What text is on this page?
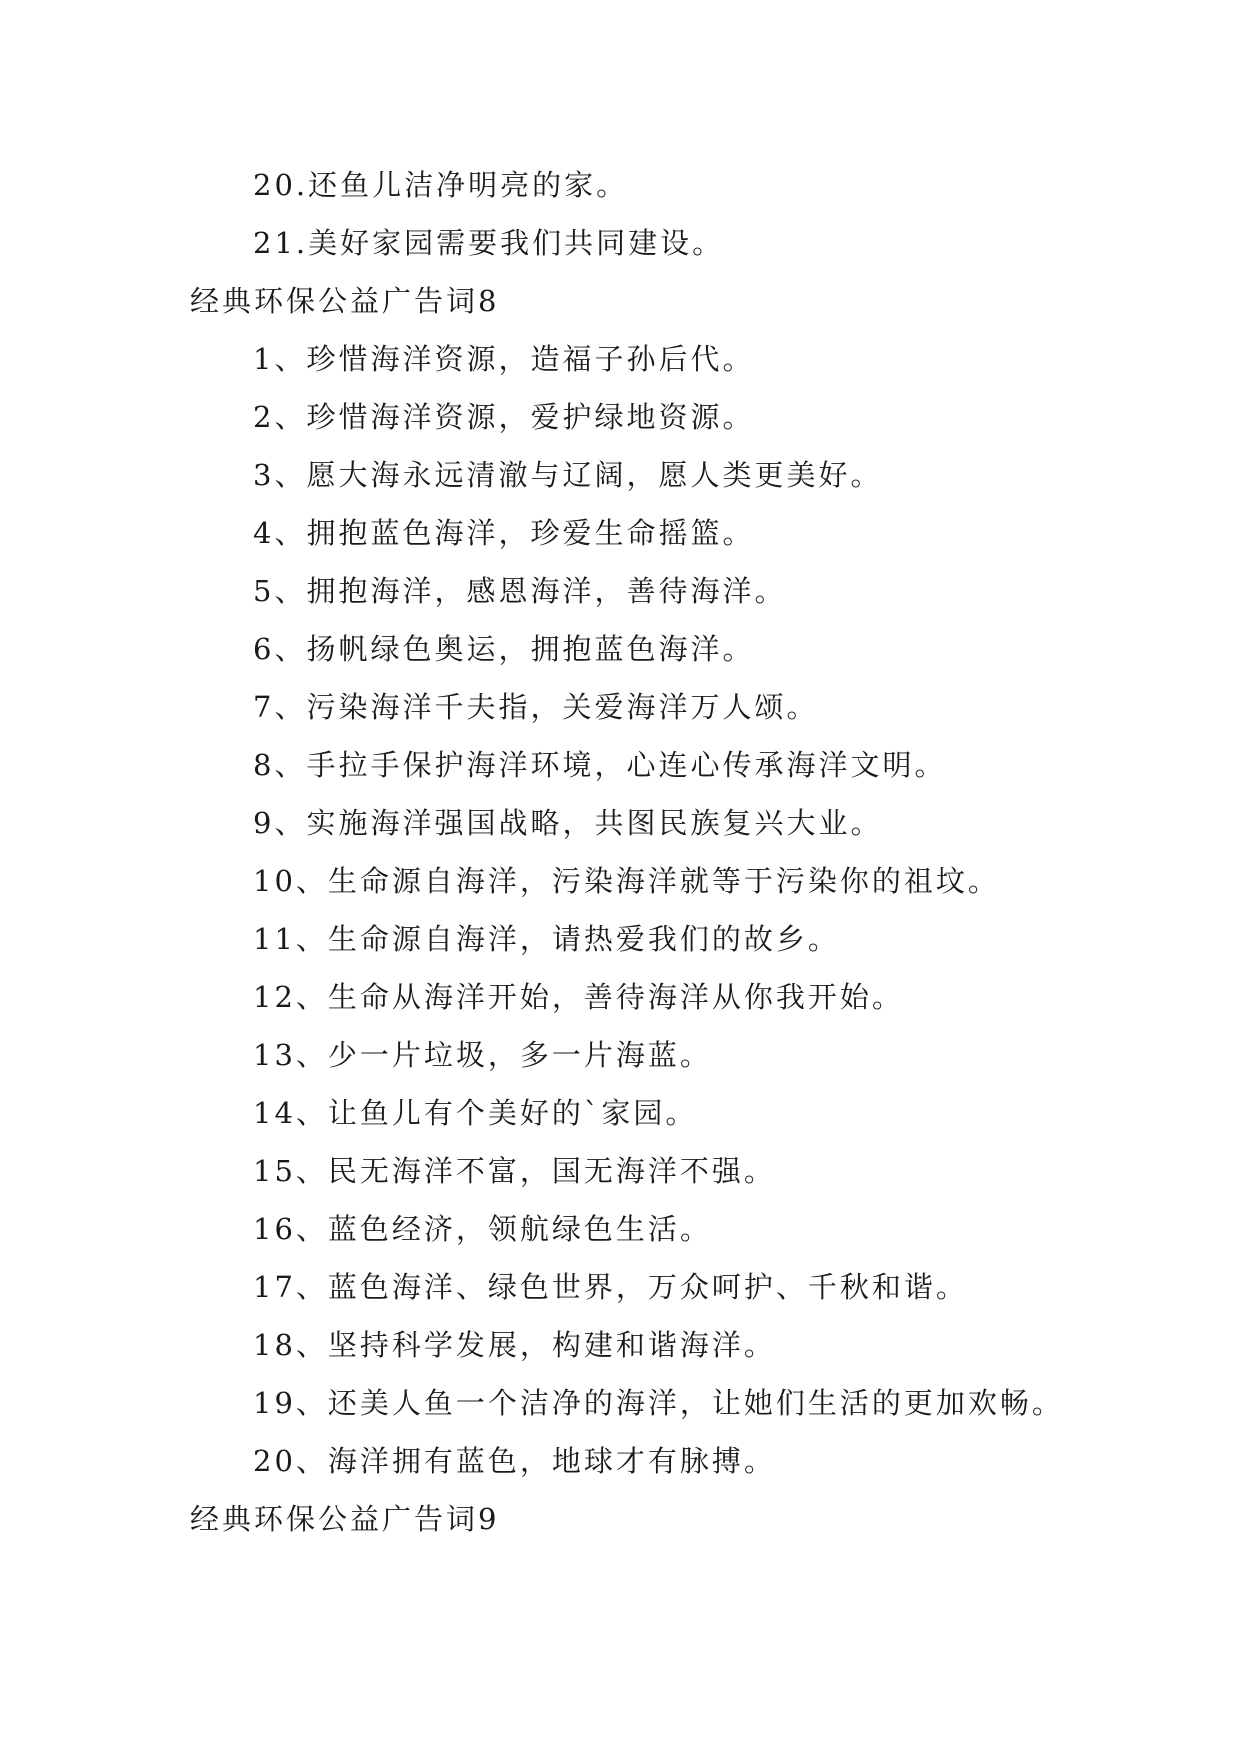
20.还鱼儿洁净明亮的家。
21.美好家园需要我们共同建设。
经典环保公益广告词8
1、珍惜海洋资源，造福子孙后代。
2、珍惜海洋资源，爱护绿地资源。
3、愿大海永远清澈与辽阔，愿人类更美好。
4、拥抱蓝色海洋，珍爱生命摇篮。
5、拥抱海洋，感恩海洋，善待海洋。
6、扬帆绿色奥运，拥抱蓝色海洋。
7、污染海洋千夫指，关爱海洋万人颂。
8、手拉手保护海洋环境，心连心传承海洋文明。
9、实施海洋强国战略，共图民族复兴大业。
10、生命源自海洋，污染海洋就等于污染你的祖坟。
11、生命源自海洋，请热爱我们的故乡。
12、生命从海洋开始，善待海洋从你我开始。
13、少一片垃圾，多一片海蓝。
14、让鱼儿有个美好的`家园。
15、民无海洋不富，国无海洋不强。
16、蓝色经济，领航绿色生活。
17、蓝色海洋、绿色世界，万众呵护、千秋和谐。
18、坚持科学发展，构建和谐海洋。
19、还美人鱼一个洁净的海洋，让她们生活的更加欢畅。
20、海洋拥有蓝色，地球才有脉搏。
经典环保公益广告词9
